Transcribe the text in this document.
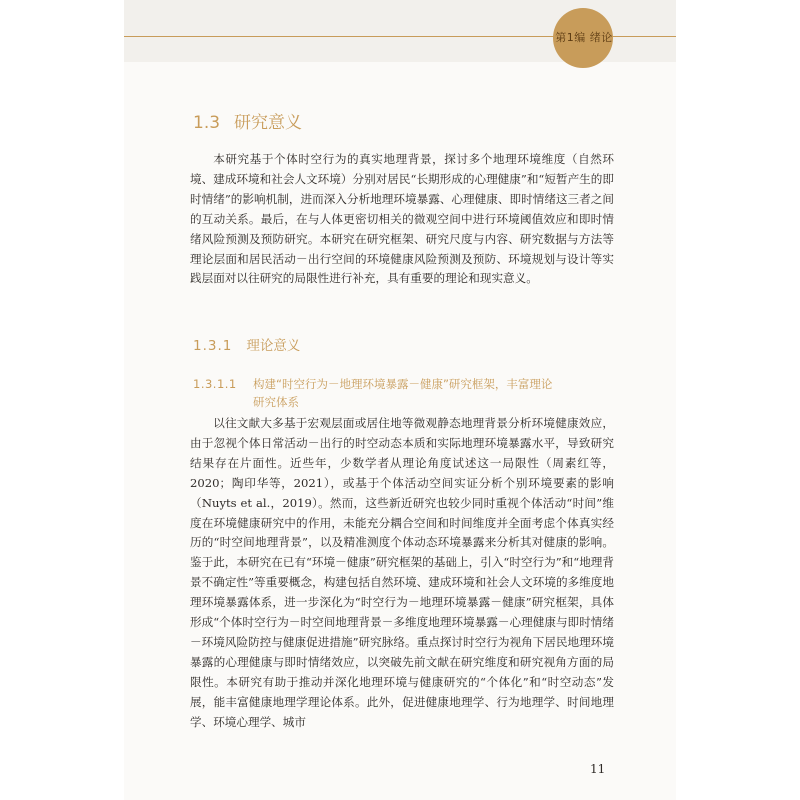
第1编 绪论
1.3 研究意义
本研究基于个体时空行为的真实地理背景，探讨多个地理环境维度（自然环境、建成环境和社会人文环境）分别对居民“长期形成的心理健康”和“短暂产生的即时情绪”的影响机制，进而深入分析地理环境暴露、心理健康、即时情绪这三者之间的互动关系。最后，在与人体更密切相关的微观空间中进行环境阈值效应和即时情绪风险预测及预防研究。本研究在研究框架、研究尺度与内容、研究数据与方法等理论层面和居民活动－出行空间的环境健康风险预测及预防、环境规划与设计等实践层面对以往研究的局限性进行补充，具有重要的理论和现实意义。
1.3.1 理论意义
1.3.1.1 构建“时空行为－地理环境暴露－健康”研究框架，丰富理论
研究体系
以往文献大多基于宏观层面或居住地等微观静态地理背景分析环境健康效应，由于忽视个体日常活动－出行的时空动态本质和实际地理环境暴露水平，导致研究结果存在片面性。近些年，少数学者从理论角度试述这一局限性（周素红等，2020；陶印华等，2021），或基于个体活动空间实证分析个别环境要素的影响（Nuyts et al.，2019）。然而，这些新近研究也较少同时重视个体活动“时间”维度在环境健康研究中的作用，未能充分耦合空间和时间维度并全面考虑个体真实经历的“时空间地理背景”，以及精准测度个体动态环境暴露来分析其对健康的影响。鉴于此，本研究在已有“环境－健康”研究框架的基础上，引入“时空行为”和“地理背景不确定性”等重要概念，构建包括自然环境、建成环境和社会人文环境的多维度地理环境暴露体系，进一步深化为“时空行为－地理环境暴露－健康”研究框架，具体形成“个体时空行为－时空间地理背景－多维度地理环境暴露－心理健康与即时情绪－环境风险防控与健康促进措施”研究脉络。重点探讨时空行为视角下居民地理环境暴露的心理健康与即时情绪效应，以突破先前文献在研究维度和研究视角方面的局限性。本研究有助于推动并深化地理环境与健康研究的“个体化”和“时空动态”发展，能丰富健康地理学理论体系。此外，促进健康地理学、行为地理学、时间地理学、环境心理学、城市
11
